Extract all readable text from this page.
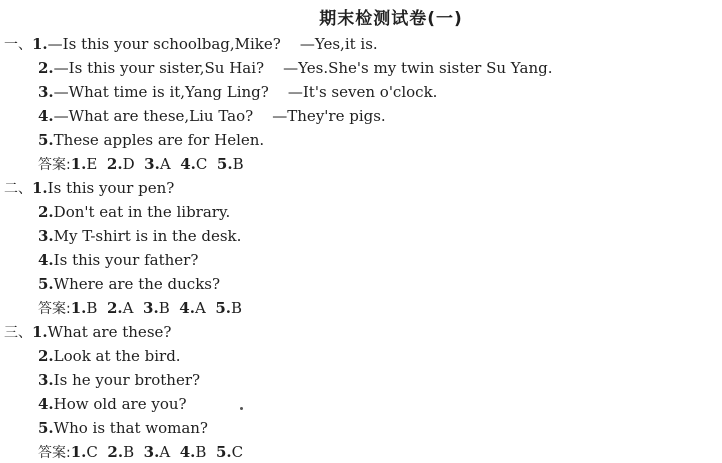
期末检测试卷(一)
一、1.—Is this your schoolbag,Mike?    —Yes,it is.
2.—Is this your sister,Su Hai?    —Yes.She's my twin sister Su Yang.
3.—What time is it,Yang Ling?    —It's seven o'clock.
4.—What are these,Liu Tao?    —They're pigs.
5.These apples are for Helen.
答案:1.E 2.D 3.A 4.C 5.B
二、1.Is this your pen?
2.Don't eat in the library.
3.My T-shirt is in the desk.
4.Is this your father?
5.Where are the ducks?
答案:1.B 2.A 3.B 4.A 5.B
三、1.What are these?
2.Look at the bird.
3.Is he your brother?
4.How old are you?
5.Who is that woman?
答案:1.C 2.B 3.A 4.B 5.C
